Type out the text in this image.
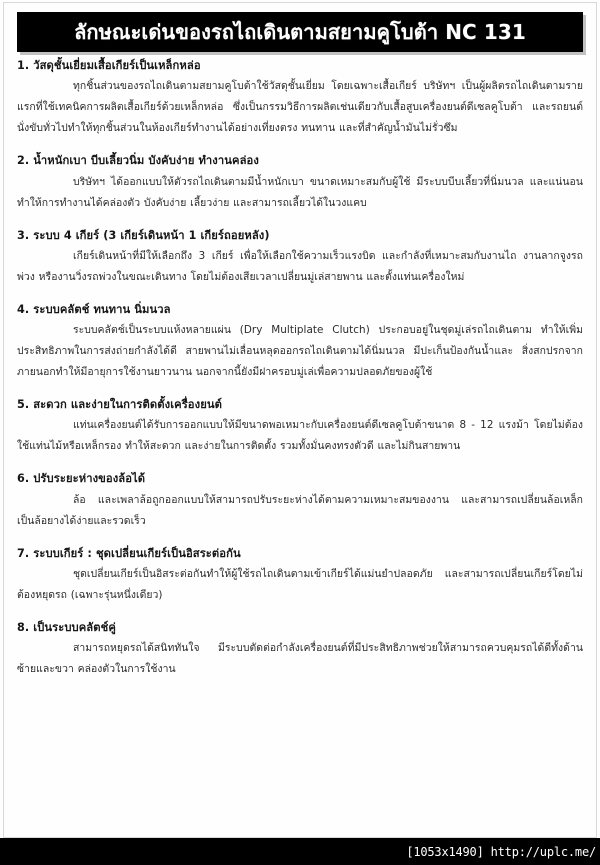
ลักษณะเด่นของรถไถเดินตามสยามคูโบต้า NC 131

1. วัสดุชั้นเยี่ยมเสื้อเกียร์เป็นเหล็กหล่อ

ทุกชิ้นส่วนของรถไถเดินตามสยามคูโบต้าใช้วัสดุชั้นเยี่ยม โดยเฉพาะเสื้อเกียร์ บริษัทฯ เป็นผู้ผลิตรถไถเดินตามรายแรกที่ใช้เทคนิคการผลิตเสื้อเกียร์ด้วยเหล็กหล่อ ซึ่งเป็นกรรมวิธีการผลิตเช่นเดียวกับเสื้อสูบเครื่องยนต์ดีเซลคูโบต้า และรถยนต์นั่งขับทั่วไปทำให้ทุกชิ้นส่วนในห้องเกียร์ทำงานได้อย่างเที่ยงตรง ทนทาน และที่สำคัญน้ำมันไม่รั่วซึม

2. น้ำหนักเบา บีบเลี้ยวนิ่ม บังคับง่าย ทำงานคล่อง

บริษัทฯ ได้ออกแบบให้ตัวรถไถเดินตามมีน้ำหนักเบา ขนาดเหมาะสมกับผู้ใช้ มีระบบบีบเลี้ยวที่นิ่มนวล และแน่นอนทำให้การทำงานได้คล่องตัว บังคับง่าย เลี้ยวง่าย และสามารถเลี้ยวได้ในวงแคบ

3. ระบบ 4 เกียร์ (3 เกียร์เดินหน้า 1 เกียร์ถอยหลัง)

เกียร์เดินหน้าที่มีให้เลือกถึง 3 เกียร์ เพื่อให้เลือกใช้ความเร็วแรงบิด และกำลังที่เหมาะสมกับงานไถ งานลากจูงรถพ่วง หรืองานวิ่งรถพ่วงในขณะเดินทาง โดยไม่ต้องเสียเวลาเปลี่ยนมู่เล่สายพาน และตั้งแท่นเครื่องใหม่

4. ระบบคลัตช์ ทนทาน นิ่มนวล

ระบบคลัตช์เป็นระบบแห้งหลายแผ่น (Dry Multiplate Clutch) ประกอบอยู่ในชุดมู่เล่รถไถเดินตาม ทำให้เพิ่มประสิทธิภาพในการส่งถ่ายกำลังได้ดี สายพานไม่เลื่อนหลุดออกรถไถเดินตามได้นิ่มนวล มีปะเก็นป้องกันน้ำและ สิ่งสกปรกจากภายนอกทำให้มีอายุการใช้งานยาวนาน นอกจากนี้ยังมีฝาครอบมู่เล่เพื่อความปลอดภัยของผู้ใช้

5. สะดวก และง่ายในการติดตั้งเครื่องยนต์

แท่นเครื่องยนต์ได้รับการออกแบบให้มีขนาดพอเหมาะกับเครื่องยนต์ดีเซลคูโบต้าขนาด 8 - 12 แรงม้า โดยไม่ต้องใช้แท่นไม้หรือเหล็กรอง ทำให้สะดวก และง่ายในการติดตั้ง รวมทั้งมั่นคงทรงตัวดี และไม่กินสายพาน

6. ปรับระยะห่างของล้อได้

ล้อ และเพลาล้อถูกออกแบบให้สามารถปรับระยะห่างได้ตามความเหมาะสมของงาน และสามารถเปลี่ยนล้อเหล็กเป็นล้อยางได้ง่ายและรวดเร็ว

7. ระบบเกียร์ : ชุดเปลี่ยนเกียร์เป็นอิสระต่อกัน

ชุดเปลี่ยนเกียร์เป็นอิสระต่อกันทำให้ผู้ใช้รถไถเดินตามเข้าเกียร์ได้แม่นยำปลอดภัย และสามารถเปลี่ยนเกียร์โดยไม่ต้องหยุดรถ (เฉพาะรุ่นหนึ่งเดียว)

8. เป็นระบบคลัตช์คู่

สามารถหยุดรถได้สนิททันใจ มีระบบตัดต่อกำลังเครื่องยนต์ที่มีประสิทธิภาพช่วยให้สามารถควบคุมรถได้ดีทั้งด้านซ้ายและขวา คล่องตัวในการใช้งาน

[1053x1490] http://uplc.me/
